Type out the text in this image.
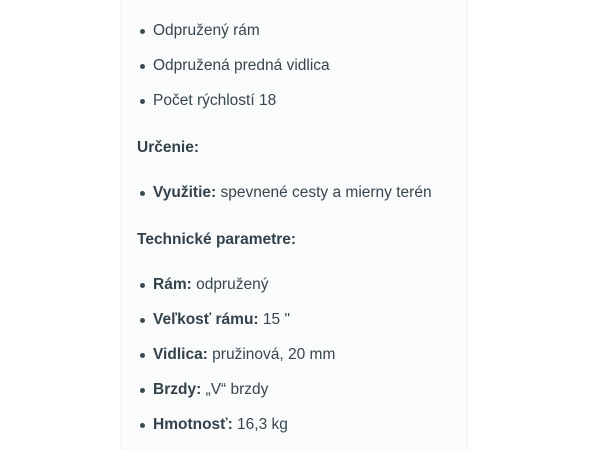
Odpružený rám
Odpružená predná vidlica
Počet rýchlostí 18
Určenie:
Využitie: spevnené cesty a mierny terén
Technické parametre:
Rám: odpružený
Veľkosť rámu: 15 "
Vidlica: pružinová, 20 mm
Brzdy: „V“ brzdy
Hmotnosť: 16,3 kg
